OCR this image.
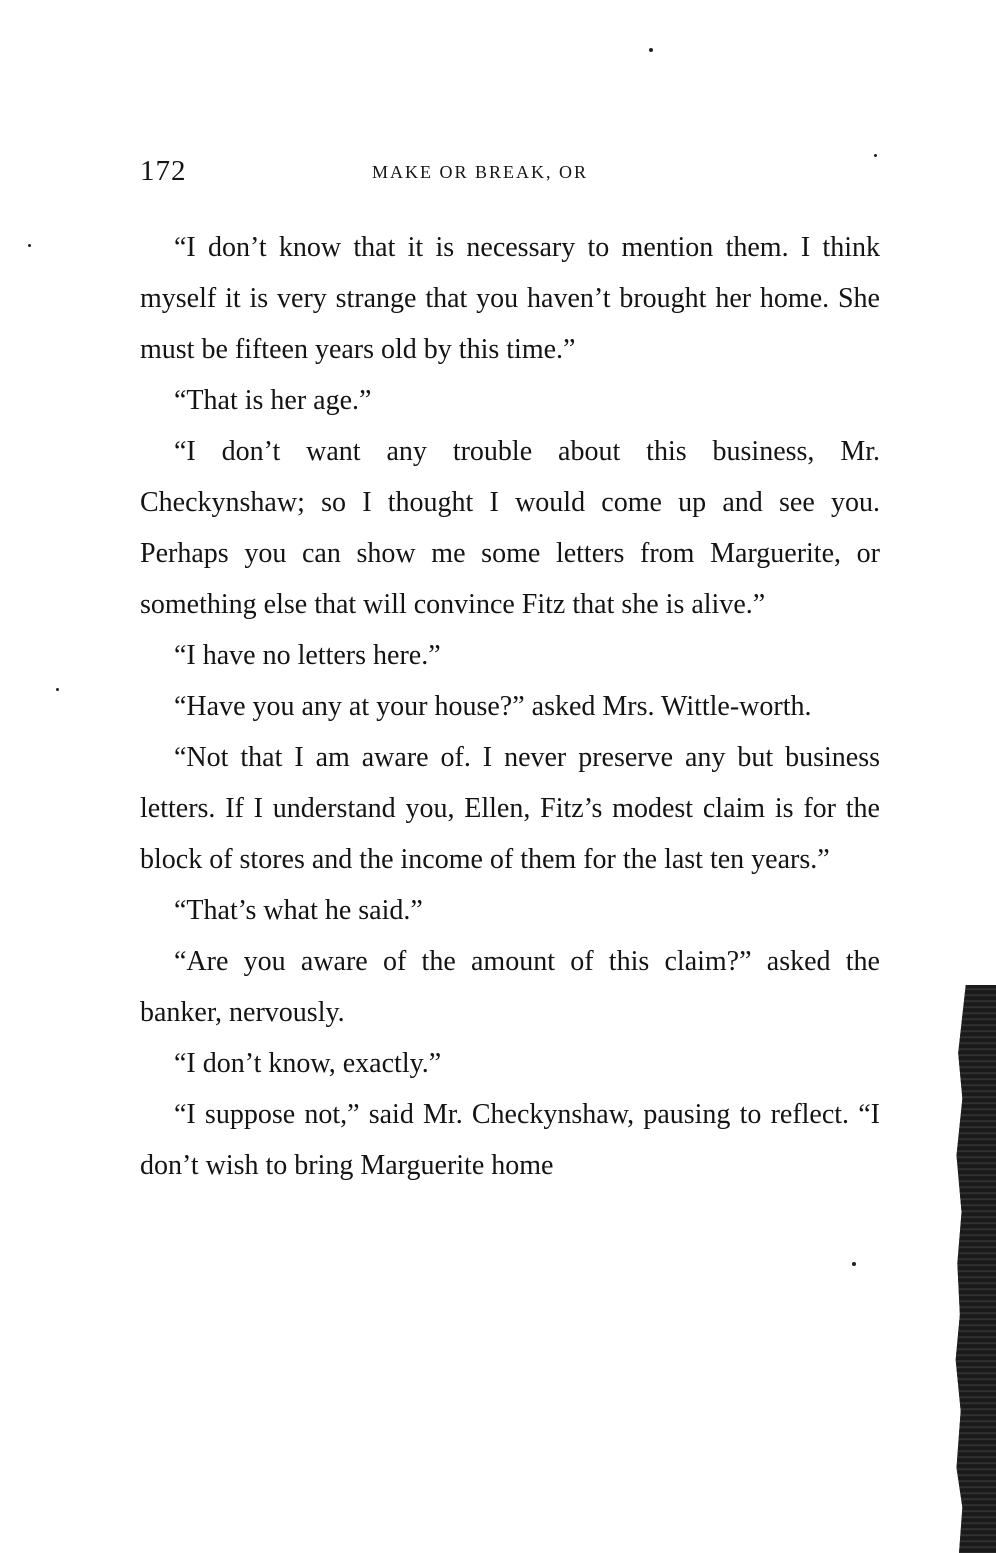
172	MAKE OR BREAK, OR

“I don’t know that it is necessary to mention them. I think myself it is very strange that you haven’t brought her home. She must be fifteen years old by this time.”

“That is her age.”

“I don’t want any trouble about this business, Mr. Checkynshaw; so I thought I would come up and see you. Perhaps you can show me some letters from Marguerite, or something else that will convince Fitz that she is alive.”

“I have no letters here.”

“Have you any at your house?” asked Mrs. Wittle-worth.

“Not that I am aware of. I never preserve any but business letters. If I understand you, Ellen, Fitz’s modest claim is for the block of stores and the income of them for the last ten years.”

“That’s what he said.”

“Are you aware of the amount of this claim?” asked the banker, nervously.

“I don’t know, exactly.”

“I suppose not,” said Mr. Checkynshaw, pausing to reflect. “I don’t wish to bring Marguerite home
